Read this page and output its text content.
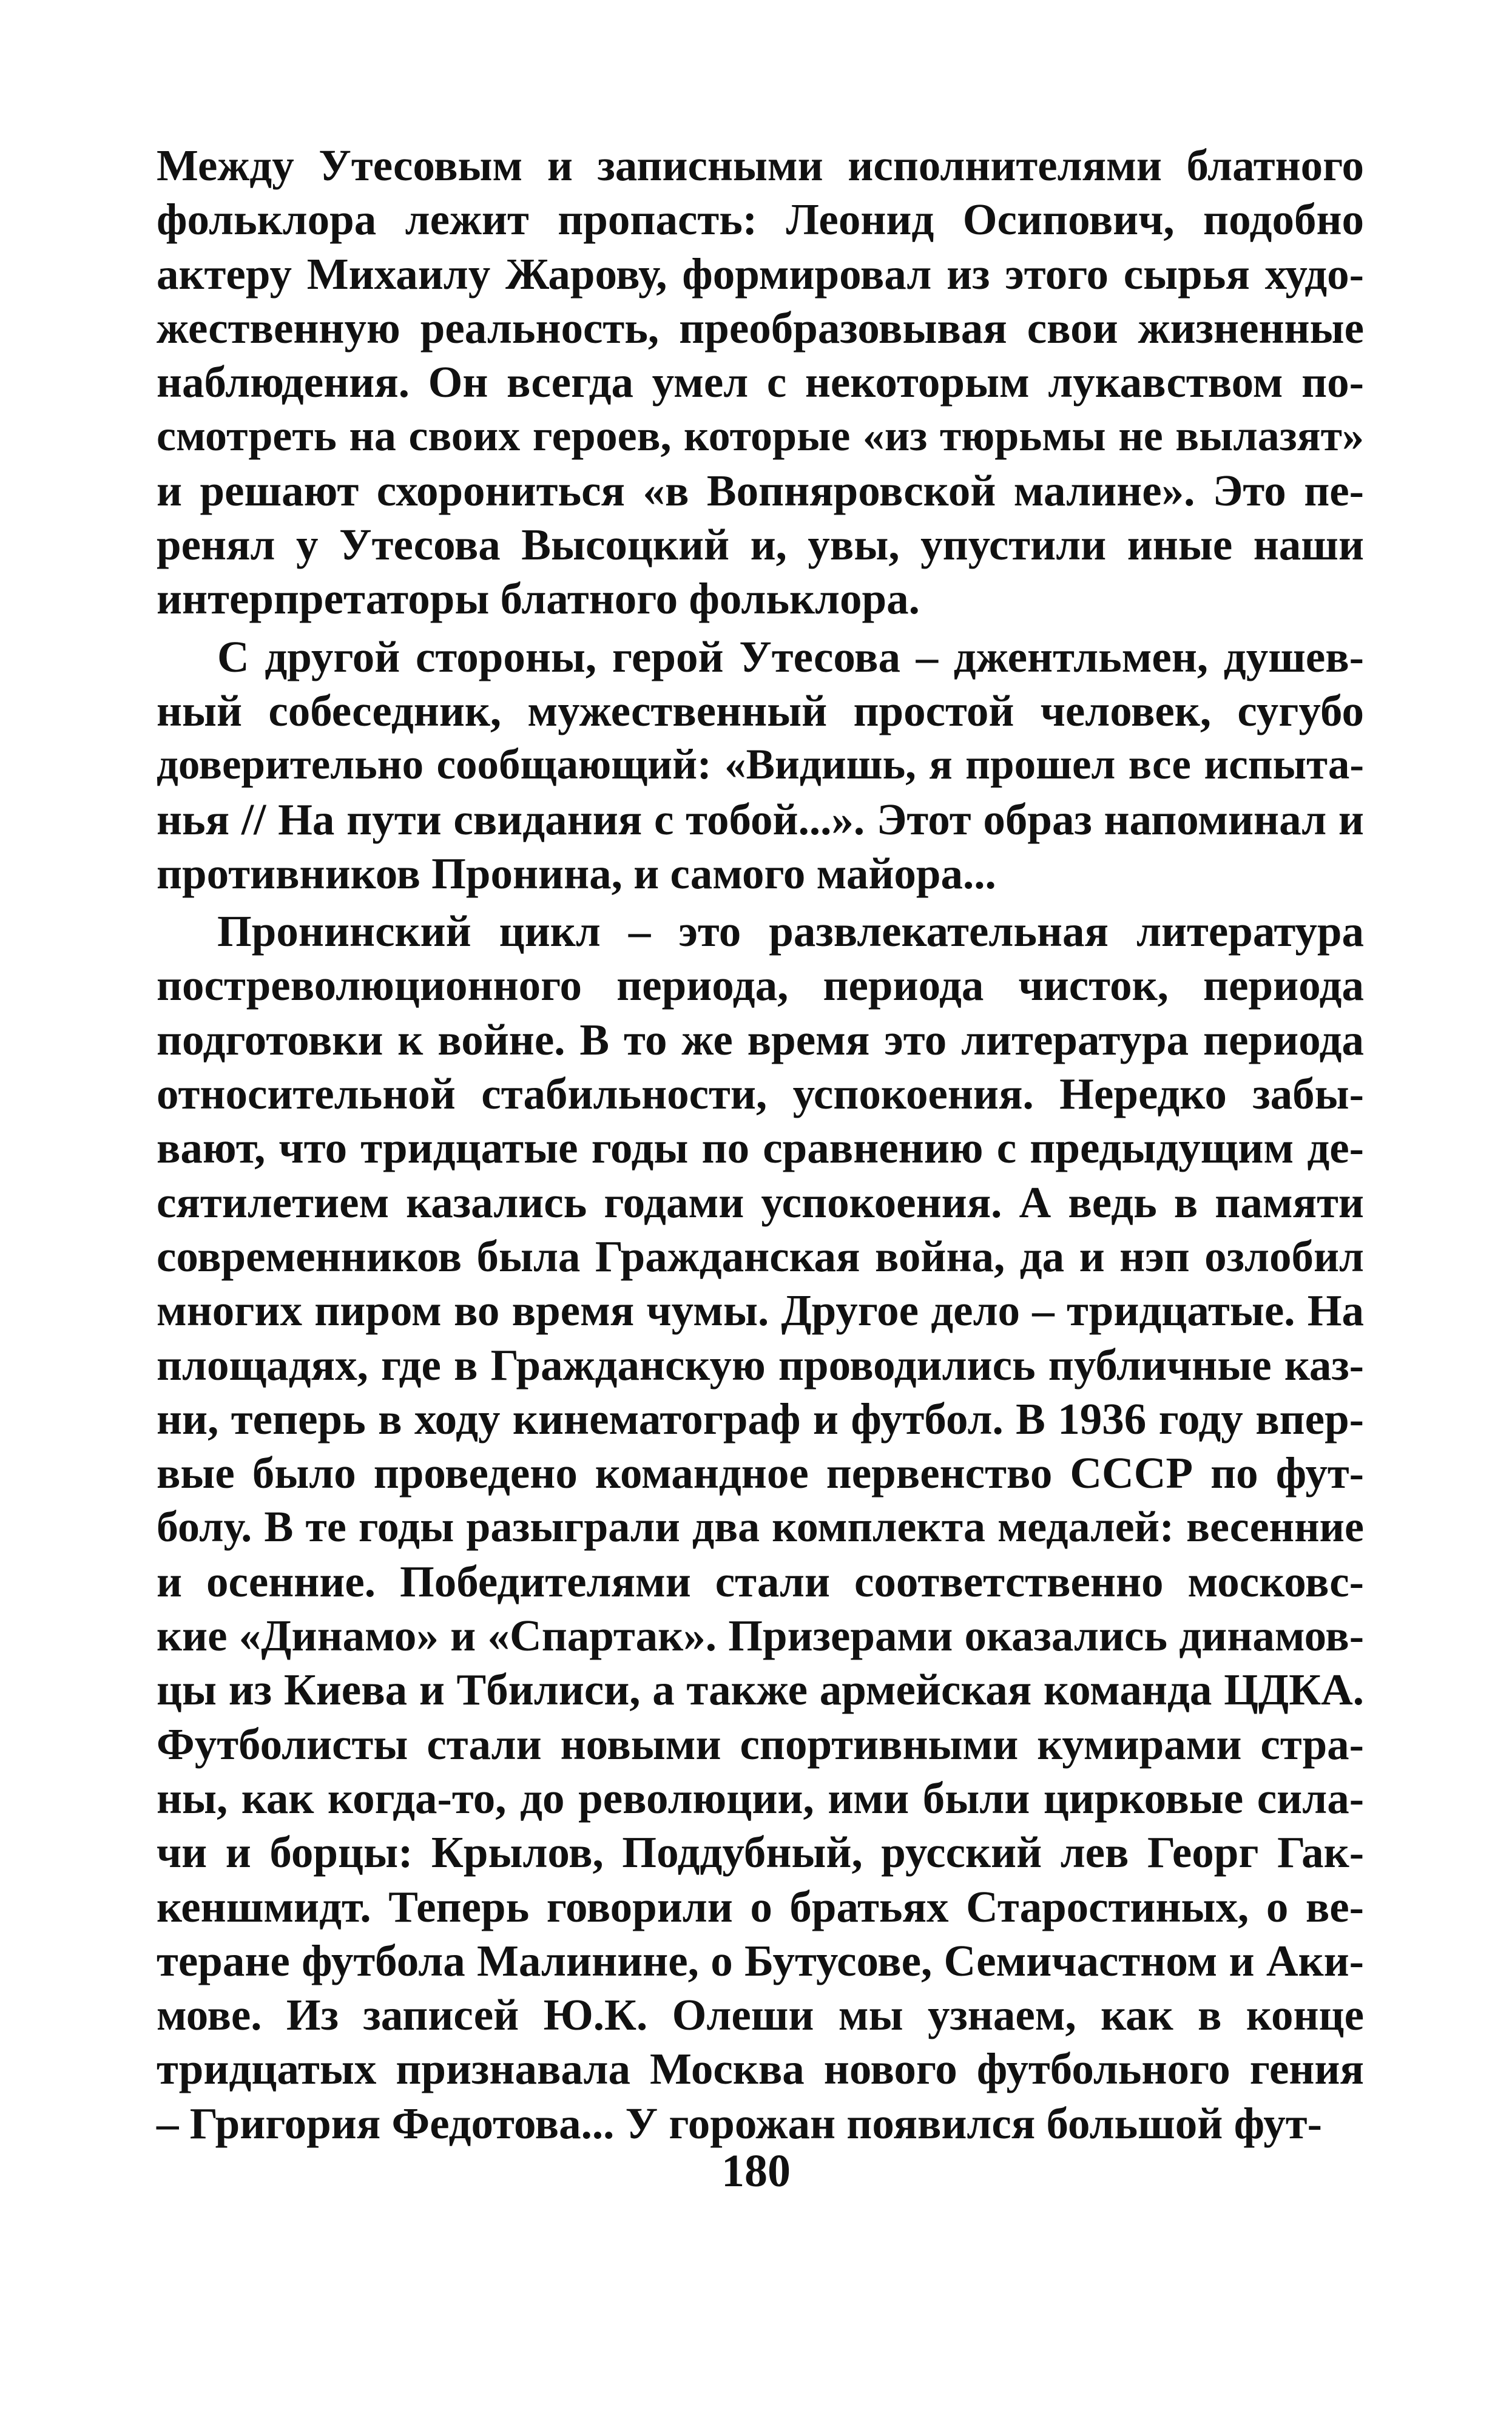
Между Утесовым и записными исполнителями блатного
фольклора лежит пропасть: Леонид Осипович, подобно
актеру Михаилу Жарову, формировал из этого сырья худо-
жественную реальность, преобразовывая свои жизненные
наблюдения. Он всегда умел с некоторым лукавством по-
смотреть на своих героев, которые «из тюрьмы не вылазят»
и решают схорониться «в Вопняровской малине». Это пе-
ренял у Утесова Высоцкий и, увы, упустили иные наши
интерпретаторы блатного фольклора.
С другой стороны, герой Утесова – джентльмен, душев-
ный собеседник, мужественный простой человек, сугубо
доверительно сообщающий: «Видишь, я прошел все испыта-
нья // На пути свидания с тобой...». Этот образ напоминал и
противников Пронина, и самого майора...
Пронинский цикл – это развлекательная литература
постреволюционного периода, периода чисток, периода
подготовки к войне. В то же время это литература периода
относительной стабильности, успокоения. Нередко забы-
вают, что тридцатые годы по сравнению с предыдущим де-
сятилетием казались годами успокоения. А ведь в памяти
современников была Гражданская война, да и нэп озлобил
многих пиром во время чумы. Другое дело – тридцатые. На
площадях, где в Гражданскую проводились публичные каз-
ни, теперь в ходу кинематограф и футбол. В 1936 году впер-
вые было проведено командное первенство СССР по фут-
болу. В те годы разыграли два комплекта медалей: весенние
и осенние. Победителями стали соответственно московс-
кие «Динамо» и «Спартак». Призерами оказались динамов-
цы из Киева и Тбилиси, а также армейская команда ЦДКА.
Футболисты стали новыми спортивными кумирами стра-
ны, как когда-то, до революции, ими были цирковые сила-
чи и борцы: Крылов, Поддубный, русский лев Георг Гак-
кеншмидт. Теперь говорили о братьях Старостиных, о ве-
теране футбола Малинине, о Бутусове, Семичастном и Аки-
мове. Из записей Ю.К. Олеши мы узнаем, как в конце
тридцатых признавала Москва нового футбольного гения
– Григория Федотова... У горожан появился большой фут-
180
